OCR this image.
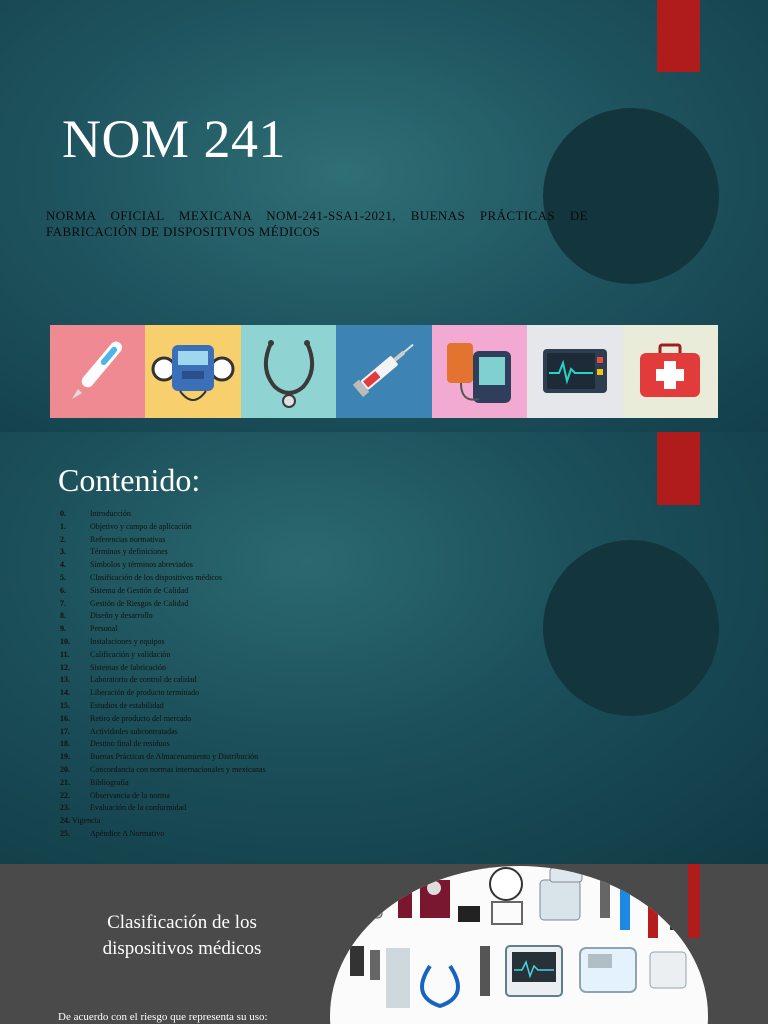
NOM 241

NORMA OFICIAL MEXICANA NOM-241-SSA1-2021, BUENAS PRÁCTICAS DE FABRICACIÓN DE DISPOSITIVOS MÉDICOS

Contenido:
0.	Introducción
1.	Objetivo y campo de aplicación
2.	Referencias normativas
3.	Términos y definiciones
4.	Símbolos y términos abreviados
5.	Clasificación de los dispositivos médicos
6.	Sistema de Gestión de Calidad
7.	Gestión de Riesgos de Calidad
8.	Diseño y desarrollo
9.	Personal
10.	Instalaciones y equipos
11.	Calificación y validación
12.	Sistemas de fabricación
13.	Laboratorio de control de calidad
14.	Liberación de producto terminado
15.	Estudios de estabilidad
16.	Retiro de producto del mercado
17.	Actividades subcontratadas
18.	Destino final de residuos
19.	Buenas Prácticas de Almacenamiento y Distribución
20.	Concordancia con normas internacionales y mexicanas
21.	Bibliografía
22.	Observancia de la norma
23.	Evaluación de la conformidad
24. Vigencia
25.	Apéndice A Normativo
Clasificación de los dispositivos médicos

De acuerdo con el riesgo que representa su uso:
